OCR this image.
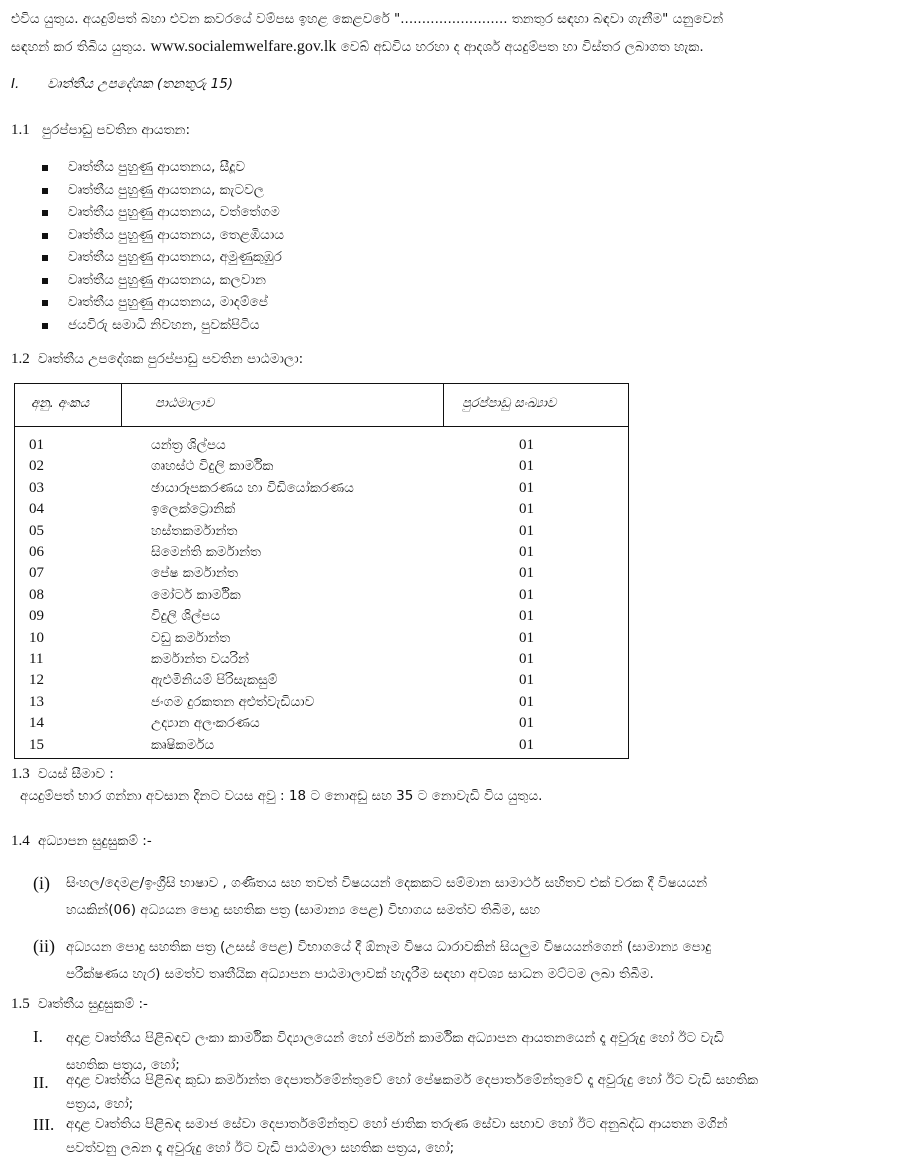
එවිය යුතුය. අයදුම්පත් බහා එවන කවරයේ වම්පස ඉහළ කෙළවරේ "......................... තනතුර සඳහා බඳවා ගැනීම" යනුවෙන්
සඳහන් කර තිබිය යුතුය. www.socialemwelfare.gov.lk වෙබ් අඩවිය හරහා ද ආදර්ශ අයදුම්පත හා විස්තර ලබාගත හැක.
I. වෘත්තීය උපදේශක (තනතුරු 15)
1.1 පුරප්පාඩු පවතින ආයතන:
වෘත්තීය පුහුණු ආයතනය, සීදූව
වෘත්තීය පුහුණු ආයතනය, කැටවල
වෘත්තීය පුහුණු ආයතනය, වත්තේගම
වෘත්තීය පුහුණු ආයතනය, තෙළඹියාය
වෘත්තීය පුහුණු ආයතනය, අමුණුකුඹුර
වෘත්තීය පුහුණු ආයතනය, කලවාන
වෘත්තීය පුහුණු ආයතනය, මාදම්පේ
ජයවිරු සමාධි නිවහන, පුවක්පිටිය
1.2 වෘත්තීය උපදේශක පුරප්පාඩු පවතින පාඨමාලා:
අනු. අංකය	පාඨමාලාව	පුරප්පාඩු සංඛ්‍යාව
01	යන්ත්‍ර ශිල්පය	01
02	ගෘහස්ථ විදුලි කාර්මික	01
03	ඡායාරූපකරණය හා විඩියෝකරණය	01
04	ඉලෙක්ට්‍රොනික්	01
05	හස්තකර්මාන්ත	01
06	සිමෙන්ති කර්මාන්ත	01
07	පේෂ කර්මාන්ත	01
08	මෝටර් කාර්මික	01
09	විදුලි ශිල්පය	01
10	වඩු කර්මාන්ත	01
11	කර්මාන්ත වයරින්	01
12	ඇළුමිනියම් පිරිසැකසුම්	01
13	ජංගම දුරකතන අළුත්වැඩියාව	01
14	උද්‍යාන අලංකරණය	01
15	කෘෂිකර්මය	01
1.3 වයස් සීමාව :
අයදුම්පත් භාර ගන්නා අවසාන දිනට වයස අවු : 18 ට නොඅඩු සහ 35 ට නොවැඩි විය යුතුය.
1.4 අධ්‍යාපන සුදුසුකම් :-
(i) සිංහල/දෙමළ/ඉංග්‍රීසි භාෂාව , ගණිතය සහ තවත් විෂයයන් දෙකකට සම්මාන සාමාර්ථ සහිතව එක් වරක දී විෂයයන්
හයකින්(06) අධ්‍යයන පොදු සහතික පත්‍ර (සාමාන්‍ය පෙළ) විභාගය සමත්ව තිබීම, සහ
(ii) අධ්‍යයන පොදු සහතික පත්‍ර (උසස් පෙළ) විභාගයේ දී ඕනෑම විෂය ධාරාවකින් සියලුම විෂයයන්ගෙන් (සාමාන්‍ය පොදු
පරීක්ෂණය හැර) සමත්ව තෘතීයික අධ්‍යාපන පාඨමාලාවක් හැදෑරීම සඳහා අවශ්‍ය සාධන මට්ටම ලබා තිබීම.
1.5 වෘත්තීය සුදුසුකම් :-
I. අදාළ වෘත්තීය පිළිබඳව ලංකා කාර්මික විද්‍යාලයෙන් හෝ ජර්මන් කාර්මික අධ්‍යාපන ආයතනයෙන් දෑ අවුරුදු හෝ ඊට වැඩි
සහතික පත්‍රය, හෝ;
II. අදාළ වෘත්තිය පිළිබඳ කුඩා කර්මාන්ත දෙපාර්තමේන්තුවේ හෝ පේෂකර්ම දෙපාර්තමේන්තුවේ දෑ අවුරුදු හෝ ඊට වැඩි සහතික
පත්‍රය, හෝ;
III. අදාළ වෘත්තිය පිළිබඳ සමාජ සේවා දෙපාර්තමේන්තුව හෝ ජාතික තරුණ සේවා සභාව හෝ ඊට අනුබද්ධ ආයතන මගින්
පවත්වනු ලබන දෑ අවුරුදු හෝ ඊට වැඩි පාඨමාලා සහතික පත්‍රය, හෝ;
